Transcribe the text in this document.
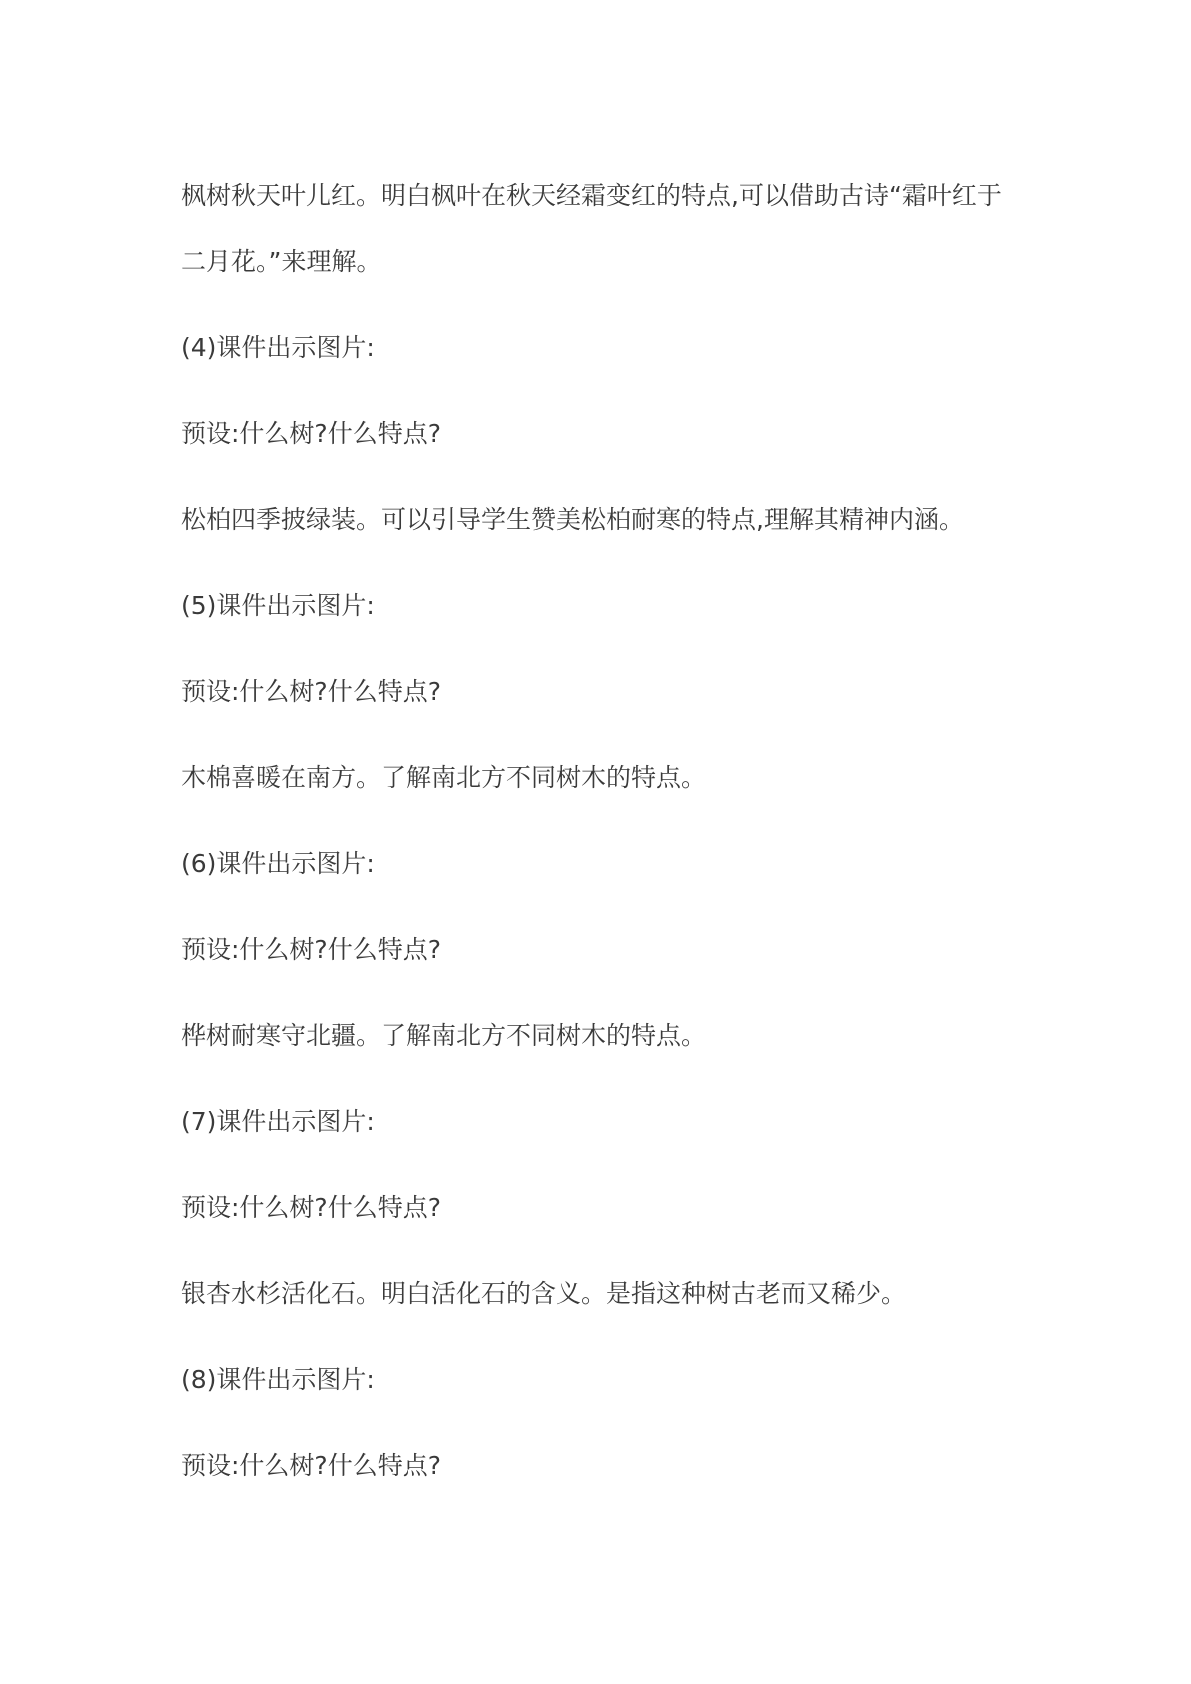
枫树秋天叶儿红。明白枫叶在秋天经霜变红的特点,可以借助古诗“霜叶红于二月花。”来理解。

(4)课件出示图片:

预设:什么树?什么特点?

松柏四季披绿装。可以引导学生赞美松柏耐寒的特点,理解其精神内涵。

(5)课件出示图片:

预设:什么树?什么特点?

木棉喜暖在南方。了解南北方不同树木的特点。

(6)课件出示图片:

预设:什么树?什么特点?

桦树耐寒守北疆。了解南北方不同树木的特点。

(7)课件出示图片:

预设:什么树?什么特点?

银杏水杉活化石。明白活化石的含义。是指这种树古老而又稀少。

(8)课件出示图片:

预设:什么树?什么特点?
